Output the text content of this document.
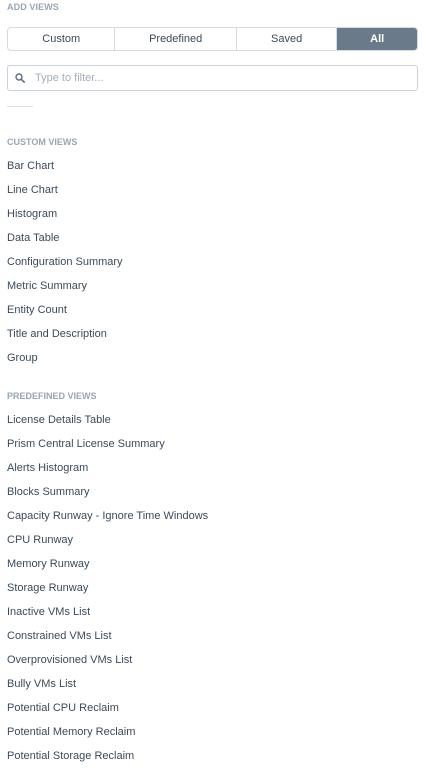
ADD VIEWS
Custom	Predefined	Saved	All
Type to filter...
CUSTOM VIEWS
Bar Chart
Line Chart
Histogram
Data Table
Configuration Summary
Metric Summary
Entity Count
Title and Description
Group
PREDEFINED VIEWS
License Details Table
Prism Central License Summary
Alerts Histogram
Blocks Summary
Capacity Runway - Ignore Time Windows
CPU Runway
Memory Runway
Storage Runway
Inactive VMs List
Constrained VMs List
Overprovisioned VMs List
Bully VMs List
Potential CPU Reclaim
Potential Memory Reclaim
Potential Storage Reclaim
